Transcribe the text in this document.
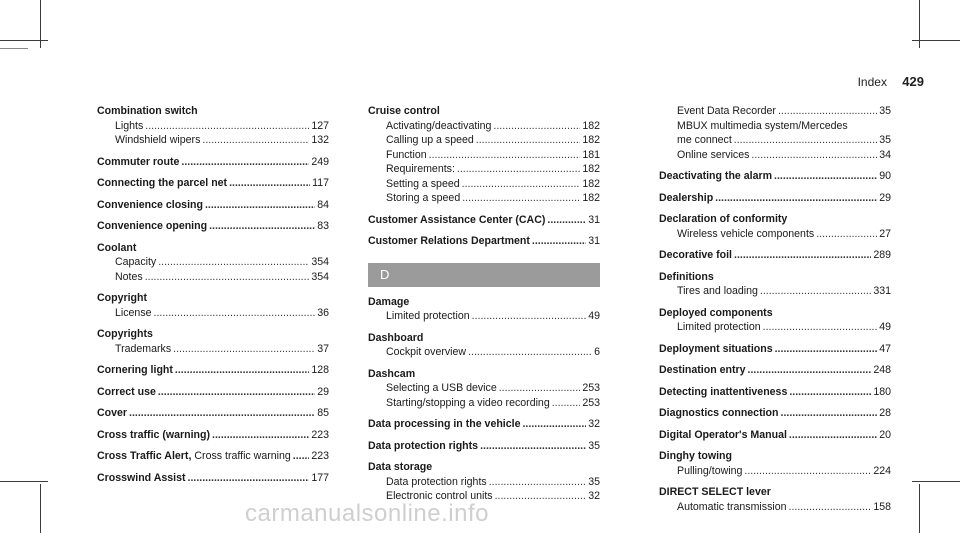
Index 429
Combination switch
Lights .....	127
Windshield wipers .....	132
Commuter route .....	249
Connecting the parcel net .....	117
Convenience closing .....	84
Convenience opening .....	83
Coolant
Capacity .....	354
Notes .....	354
Copyright
License .....	36
Copyrights
Trademarks .....	37
Cornering light .....	128
Correct use .....	29
Cover .....	85
Cross traffic (warning) .....	223
Cross Traffic Alert, Cross traffic warning ..... 223
Crosswind Assist .....	177
Cruise control
Activating/deactivating .....	182
Calling up a speed .....	182
Function .....	181
Requirements: .....	182
Setting a speed .....	182
Storing a speed .....	182
Customer Assistance Center (CAC) .....	31
Customer Relations Department .....	31
D
Damage
Limited protection .....	49
Dashboard
Cockpit overview .....	6
Dashcam
Selecting a USB device .....	253
Starting/stopping a video recording .....	253
Data processing in the vehicle .....	32
Data protection rights .....	35
Data storage
Data protection rights .....	35
Electronic control units .....	32
Event Data Recorder .....	35
MBUX multimedia system/Mercedes
me connect .....	35
Online services .....	34
Deactivating the alarm .....	90
Dealership .....	29
Declaration of conformity
Wireless vehicle components .....	27
Decorative foil .....	289
Definitions
Tires and loading .....	331
Deployed components
Limited protection .....	49
Deployment situations .....	47
Destination entry .....	248
Detecting inattentiveness .....	180
Diagnostics connection .....	28
Digital Operator's Manual .....	20
Dinghy towing
Pulling/towing .....	224
DIRECT SELECT lever
Automatic transmission .....	158
carmanualsonline.info
